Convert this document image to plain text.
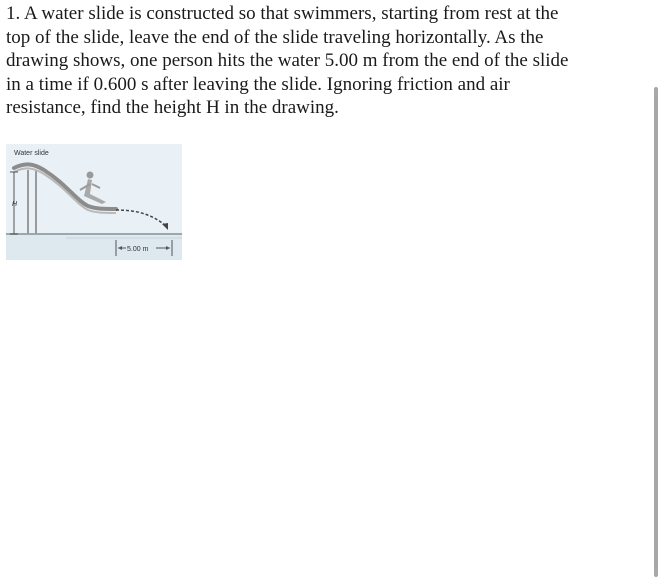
1. A water slide is constructed so that swimmers, starting from rest at the
top of the slide, leave the end of the slide traveling horizontally. As the
drawing shows, one person hits the water 5.00 m from the end of the slide
in a time if 0.600 s after leaving the slide. Ignoring friction and air
resistance, find the height H in the drawing.
H
5.00 m
Water slide
